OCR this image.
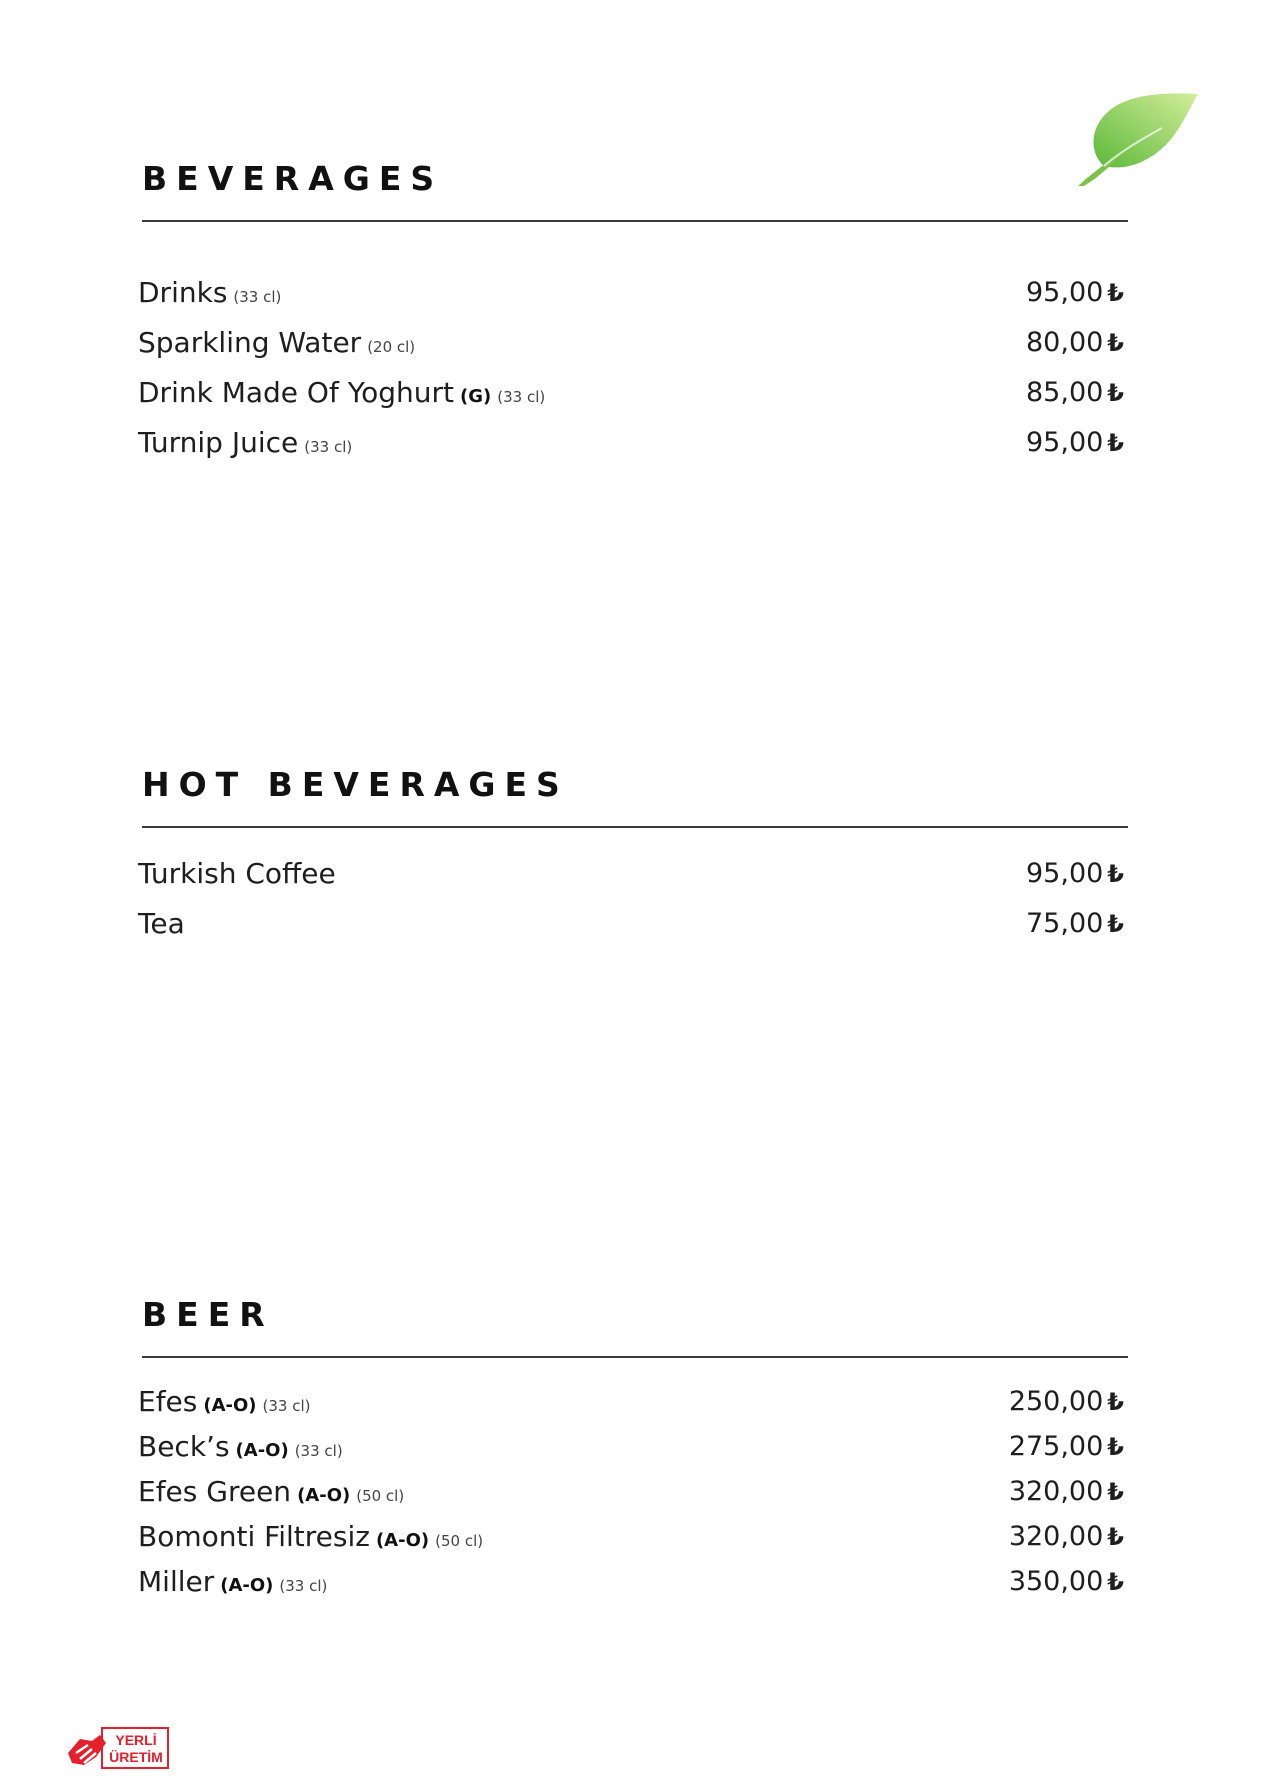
BEVERAGES
Drinks (33 cl)	95,00 ₺
Sparkling Water (20 cl)	80,00 ₺
Drink Made Of Yoghurt (G) (33 cl)	85,00 ₺
Turnip Juice (33 cl)	95,00 ₺
HOT BEVERAGES
Turkish Coffee	95,00 ₺
Tea	75,00 ₺
BEER
Efes (A-O) (33 cl)	250,00 ₺
Beck’s (A-O) (33 cl)	275,00 ₺
Efes Green (A-O) (50 cl)	320,00 ₺
Bomonti Filtresiz (A-O) (50 cl)	320,00 ₺
Miller (A-O) (33 cl)	350,00 ₺
YERLİ
ÜRETİM
